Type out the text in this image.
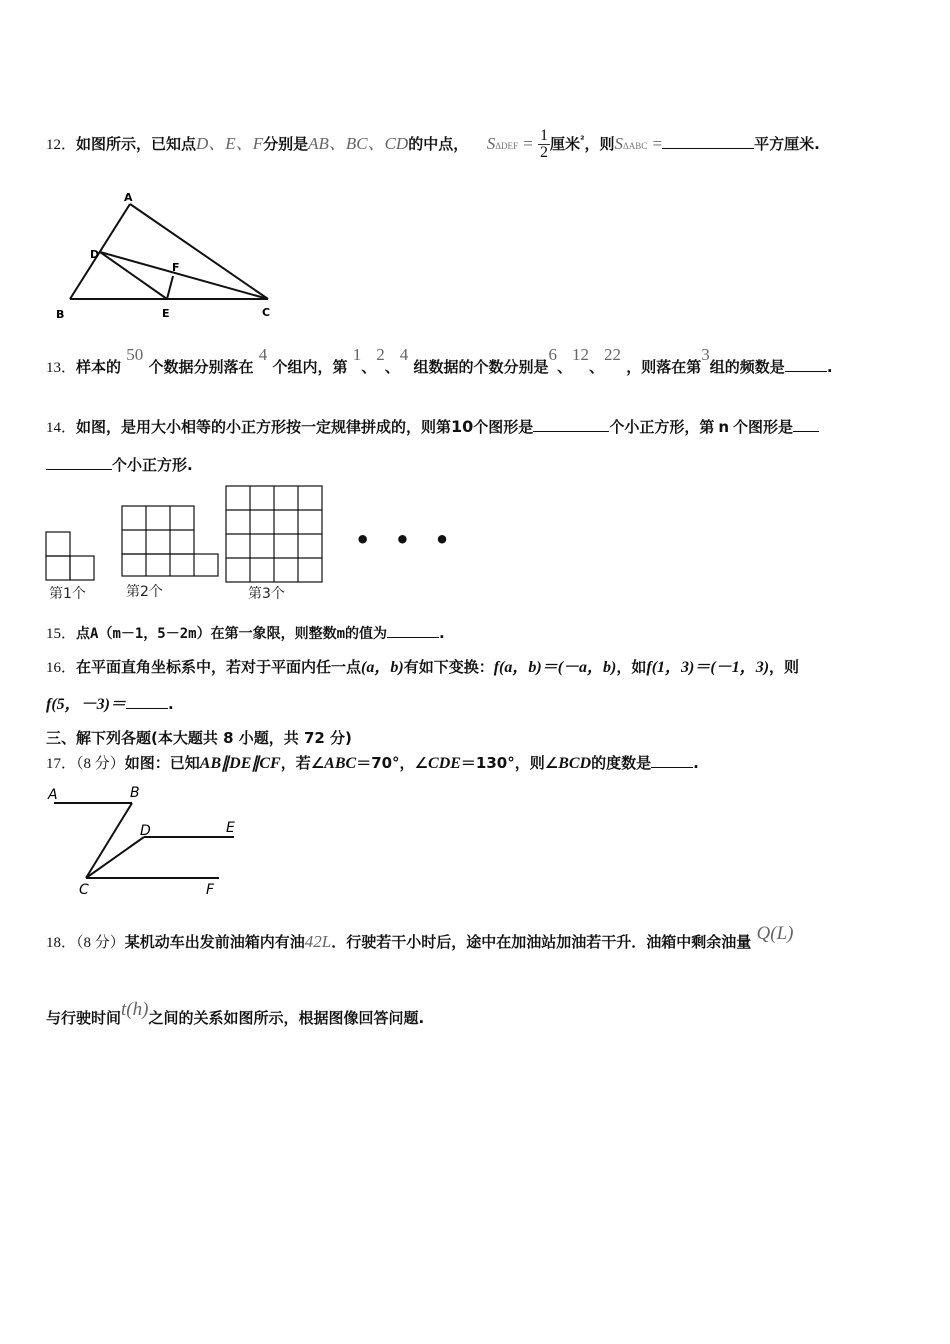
12．如图所示，已知点D、E、F分别是AB、BC、CD的中点， $S\Delta DEF = \frac{1}{2}$ 厘米$^{^2}$，则SΔABC =	平方厘米.
A
D
F
B	E	C
13．样本的 50 个数据分别落在 4 个组内，第 1、2、4 组数据的个数分别是6、12、22 ，则落在第3组的频数是	.
14．如图，是用大小相等的小正方形按一定规律拼成的，则第10个图形是	个小正方形，第 n 个图形是
个小正方形.
• • •
第1个	第2个	第3个
15．点A（m－1，5－2m）在第一象限，则整数m的值为	.
16．在平面直角坐标系中，若对于平面内任一点(a，b)有如下变换：f(a，b)＝(－a，b)，如f(1，3)＝(－1，3)，则
f(5，－3)＝	.
三、解下列各题(本大题共 8 小题，共 72 分)
17．（8 分）如图：已知AB∥DE∥CF，若∠ABC＝70°，∠CDE＝130°，则∠BCD的度数是	.
A	B
D	E
C	F
18．（8 分）某机动车出发前油箱内有油42L．行驶若干小时后，途中在加油站加油若干升．油箱中剩余油量 Q(L)
与行驶时间t(h)之间的关系如图所示，根据图像回答问题.
